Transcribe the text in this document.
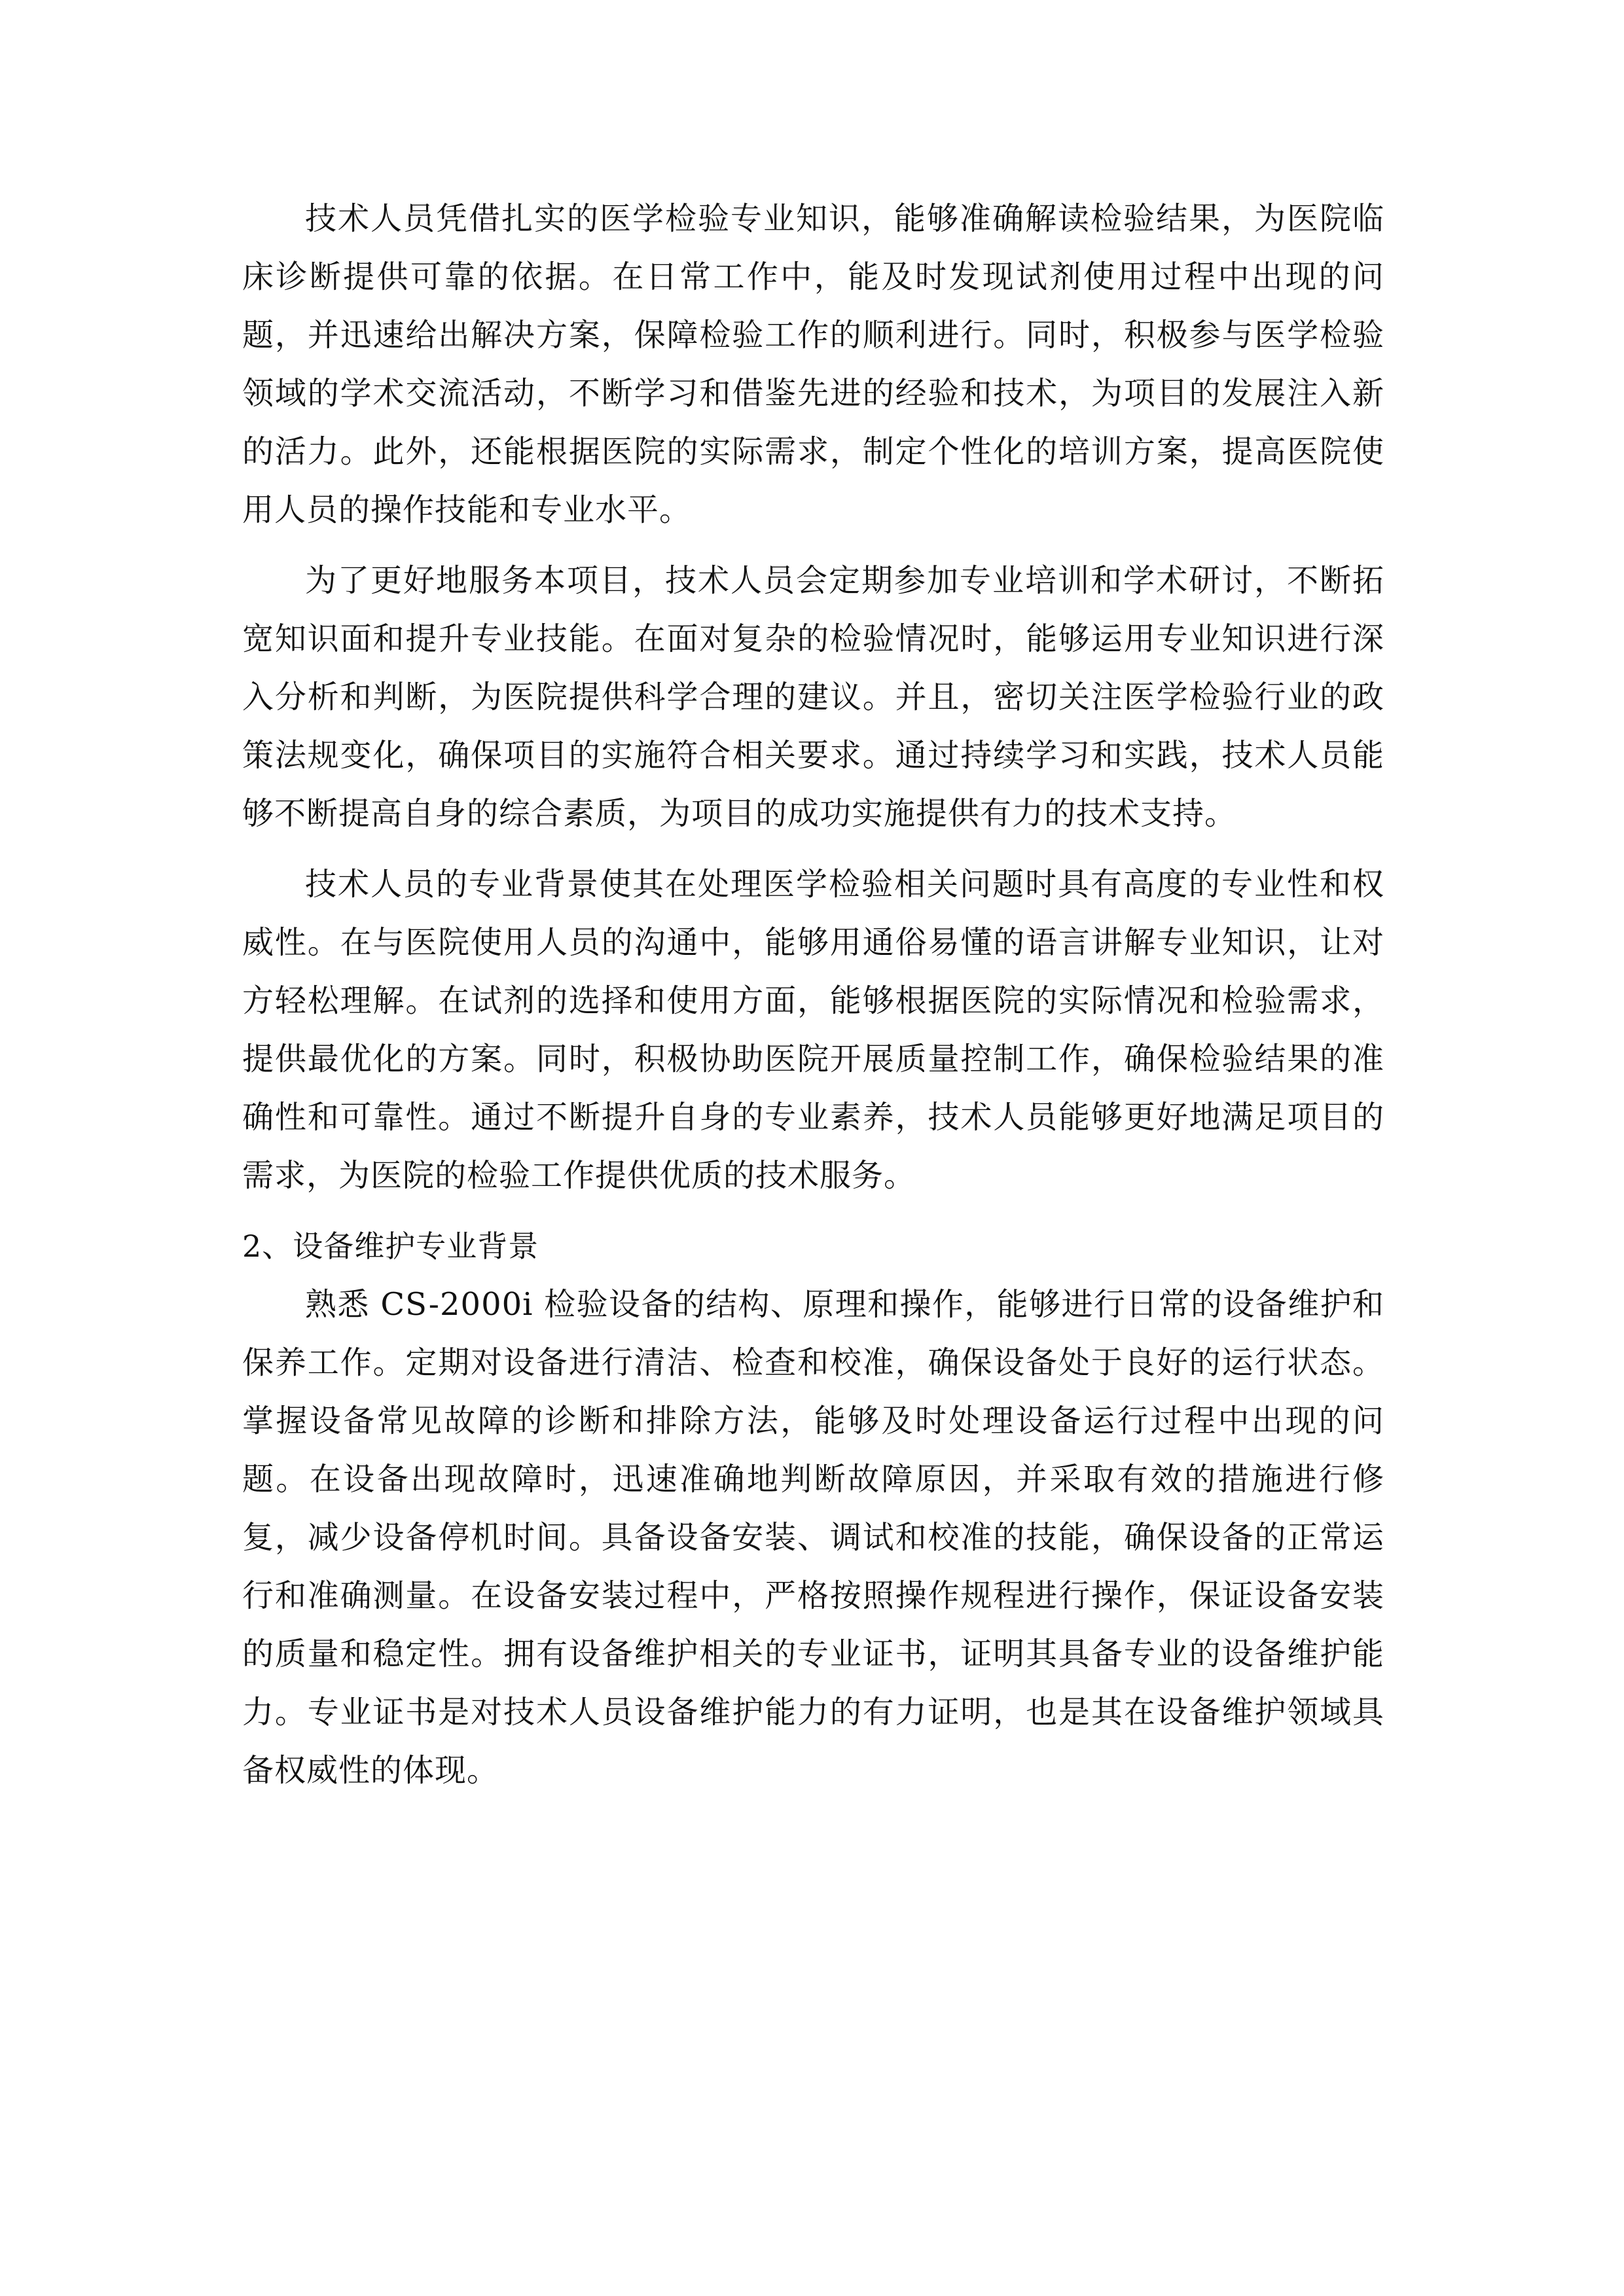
技术人员凭借扎实的医学检验专业知识，能够准确解读检验结果，为医院临床诊断提供可靠的依据。在日常工作中，能及时发现试剂使用过程中出现的问题，并迅速给出解决方案，保障检验工作的顺利进行。同时，积极参与医学检验领域的学术交流活动，不断学习和借鉴先进的经验和技术，为项目的发展注入新的活力。此外，还能根据医院的实际需求，制定个性化的培训方案，提高医院使用人员的操作技能和专业水平。

为了更好地服务本项目，技术人员会定期参加专业培训和学术研讨，不断拓宽知识面和提升专业技能。在面对复杂的检验情况时，能够运用专业知识进行深入分析和判断，为医院提供科学合理的建议。并且，密切关注医学检验行业的政策法规变化，确保项目的实施符合相关要求。通过持续学习和实践，技术人员能够不断提高自身的综合素质，为项目的成功实施提供有力的技术支持。

技术人员的专业背景使其在处理医学检验相关问题时具有高度的专业性和权威性。在与医院使用人员的沟通中，能够用通俗易懂的语言讲解专业知识，让对方轻松理解。在试剂的选择和使用方面，能够根据医院的实际情况和检验需求，提供最优化的方案。同时，积极协助医院开展质量控制工作，确保检验结果的准确性和可靠性。通过不断提升自身的专业素养，技术人员能够更好地满足项目的需求，为医院的检验工作提供优质的技术服务。

2、设备维护专业背景

熟悉 CS-2000i 检验设备的结构、原理和操作，能够进行日常的设备维护和保养工作。定期对设备进行清洁、检查和校准，确保设备处于良好的运行状态。掌握设备常见故障的诊断和排除方法，能够及时处理设备运行过程中出现的问题。在设备出现故障时，迅速准确地判断故障原因，并采取有效的措施进行修复，减少设备停机时间。具备设备安装、调试和校准的技能，确保设备的正常运行和准确测量。在设备安装过程中，严格按照操作规程进行操作，保证设备安装的质量和稳定性。拥有设备维护相关的专业证书，证明其具备专业的设备维护能力。专业证书是对技术人员设备维护能力的有力证明，也是其在设备维护领域具备权威性的体现。
